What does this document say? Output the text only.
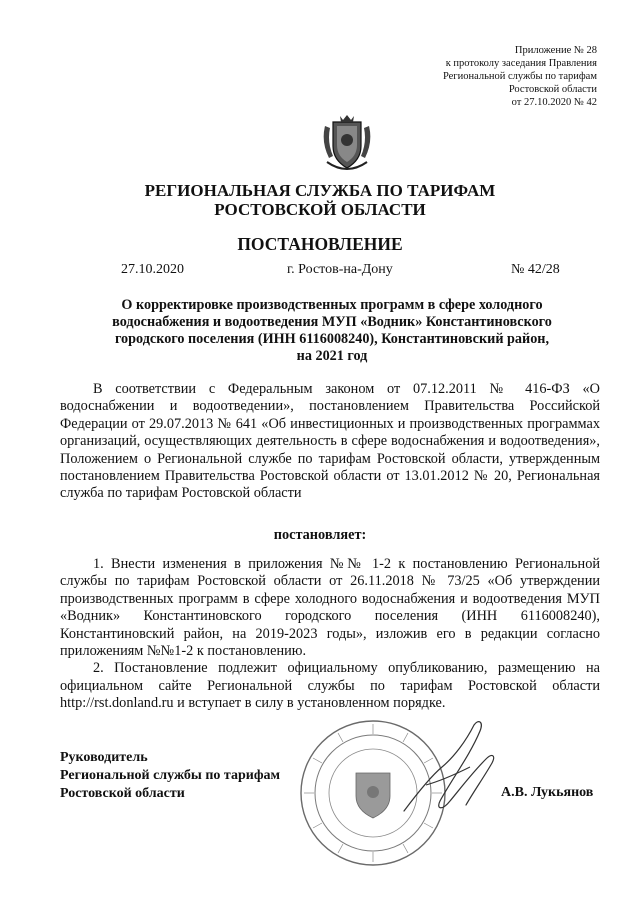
Приложение № 28
к протоколу заседания Правления
Региональной службы по тарифам
Ростовской области
от 27.10.2020 № 42
РЕГИОНАЛЬНАЯ СЛУЖБА ПО ТАРИФАМ
РОСТОВСКОЙ ОБЛАСТИ
ПОСТАНОВЛЕНИЕ
27.10.2020	г. Ростов-на-Дону	№ 42/28
О корректировке производственных программ в сфере холодного водоснабжения и водоотведения МУП «Водник» Константиновского городского поселения (ИНН 6116008240), Константиновский район, на 2021 год
В соответствии с Федеральным законом от 07.12.2011 № 416-ФЗ «О водоснабжении и водоотведении», постановлением Правительства Российской Федерации от 29.07.2013 № 641 «Об инвестиционных и производственных программах организаций, осуществляющих деятельность в сфере водоснабжения и водоотведения», Положением о Региональной службе по тарифам Ростовской области, утвержденным постановлением Правительства Ростовской области от 13.01.2012 № 20, Региональная служба по тарифам Ростовской области
постановляет:

1. Внести изменения в приложения №№ 1-2 к постановлению Региональной службы по тарифам Ростовской области от 26.11.2018 № 73/25 «Об утверждении производственных программ в сфере холодного водоснабжения и водоотведения МУП «Водник» Константиновского городского поселения (ИНН 6116008240), Константиновский район, на 2019-2023 годы», изложив его в редакции согласно приложениям №№1-2 к постановлению.

2. Постановление подлежит официальному опубликованию, размещению на официальном сайте Региональной службы по тарифам Ростовской области http://rst.donland.ru и вступает в силу в установленном порядке.

Руководитель
Региональной службы по тарифам
Ростовской области	А.В. Лукьянов
